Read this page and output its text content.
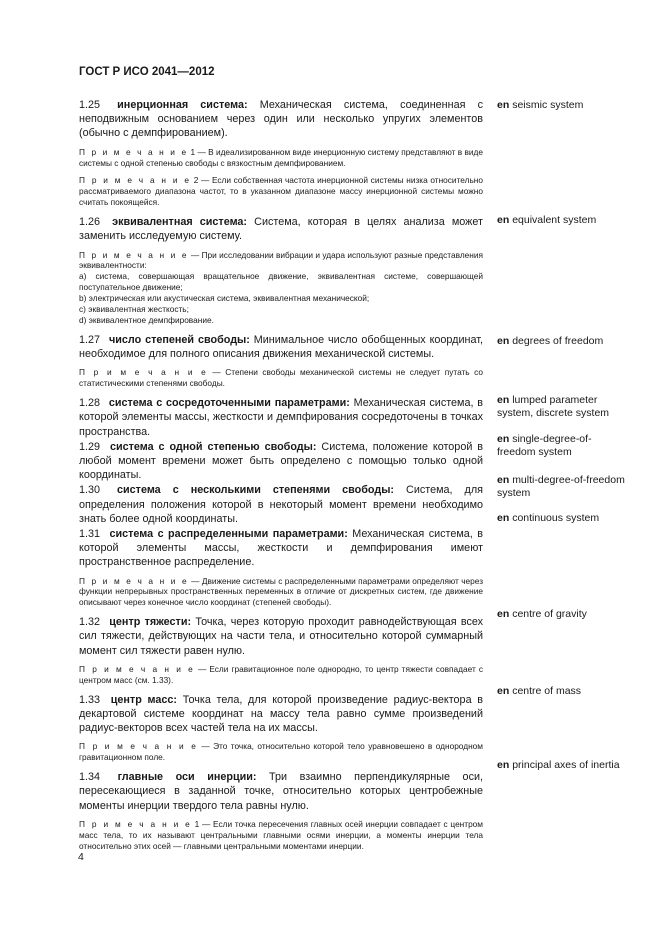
ГОСТ Р ИСО 2041—2012

1.25 инерционная система: Механическая система, соединенная с неподвижным основанием через один или несколько упругих элементов (обычно с демпфированием).

П р и м е ч а н и е 1 — В идеализированном виде инерционную систему представляют в виде системы с одной степенью свободы с вязкостным демпфированием.

П р и м е ч а н и е 2 — Если собственная частота инерционной системы низка относительно рассматриваемого диапазона частот, то в указанном диапазоне массу инерционной системы можно считать покоящейся.

1.26 эквивалентная система: Система, которая в целях анализа может заменить исследуемую систему.

П р и м е ч а н и е — При исследовании вибрации и удара используют разные представления эквивалентности:
a) система, совершающая вращательное движение, эквивалентная системе, совершающей поступательное движение;
b) электрическая или акустическая система, эквивалентная механической;
c) эквивалентная жесткость;
d) эквивалентное демпфирование.

1.27 число степеней свободы: Минимальное число обобщенных координат, необходимое для полного описания движения механической системы.

П р и м е ч а н и е — Степени свободы механической системы не следует путать со статистическими степенями свободы.

1.28 система с сосредоточенными параметрами: Механическая система, в которой элементы массы, жесткости и демпфирования сосредоточены в точках пространства.

1.29 система с одной степенью свободы: Система, положение которой в любой момент времени может быть определено с помощью только одной координаты.

1.30 система с несколькими степенями свободы: Система, для определения положения которой в некоторый момент времени необходимо знать более одной координаты.

1.31 система с распределенными параметрами: Механическая система, в которой элементы массы, жесткости и демпфирования имеют пространственное распределение.

П р и м е ч а н и е — Движение системы с распределенными параметрами определяют через функции непрерывных пространственных переменных в отличие от дискретных систем, где движение описывают через конечное число координат (степеней свободы).

1.32 центр тяжести: Точка, через которую проходит равнодействующая всех сил тяжести, действующих на части тела, и относительно которой суммарный момент сил тяжести равен нулю.

П р и м е ч а н и е — Если гравитационное поле однородно, то центр тяжести совпадает с центром масс (см. 1.33).

1.33 центр масс: Точка тела, для которой произведение радиус-вектора в декартовой системе координат на массу тела равно сумме произведений радиус-векторов всех частей тела на их массы.

П р и м е ч а н и е — Это точка, относительно которой тело уравновешено в однородном гравитационном поле.

1.34 главные оси инерции: Три взаимно перпендикулярные оси, пересекающиеся в заданной точке, относительно которых центробежные моменты инерции твердого тела равны нулю.

П р и м е ч а н и е 1 — Если точка пересечения главных осей инерции совпадает с центром масс тела, то их называют центральными главными осями инерции, а моменты инерции тела относительно этих осей — главными центральными моментами инерции.

en seismic system
en equivalent system
en degrees of freedom
en lumped parameter system, discrete system
en single-degree-of-freedom system
en multi-degree-of-freedom system
en continuous system
en centre of gravity
en centre of mass
en principal axes of inertia
4
